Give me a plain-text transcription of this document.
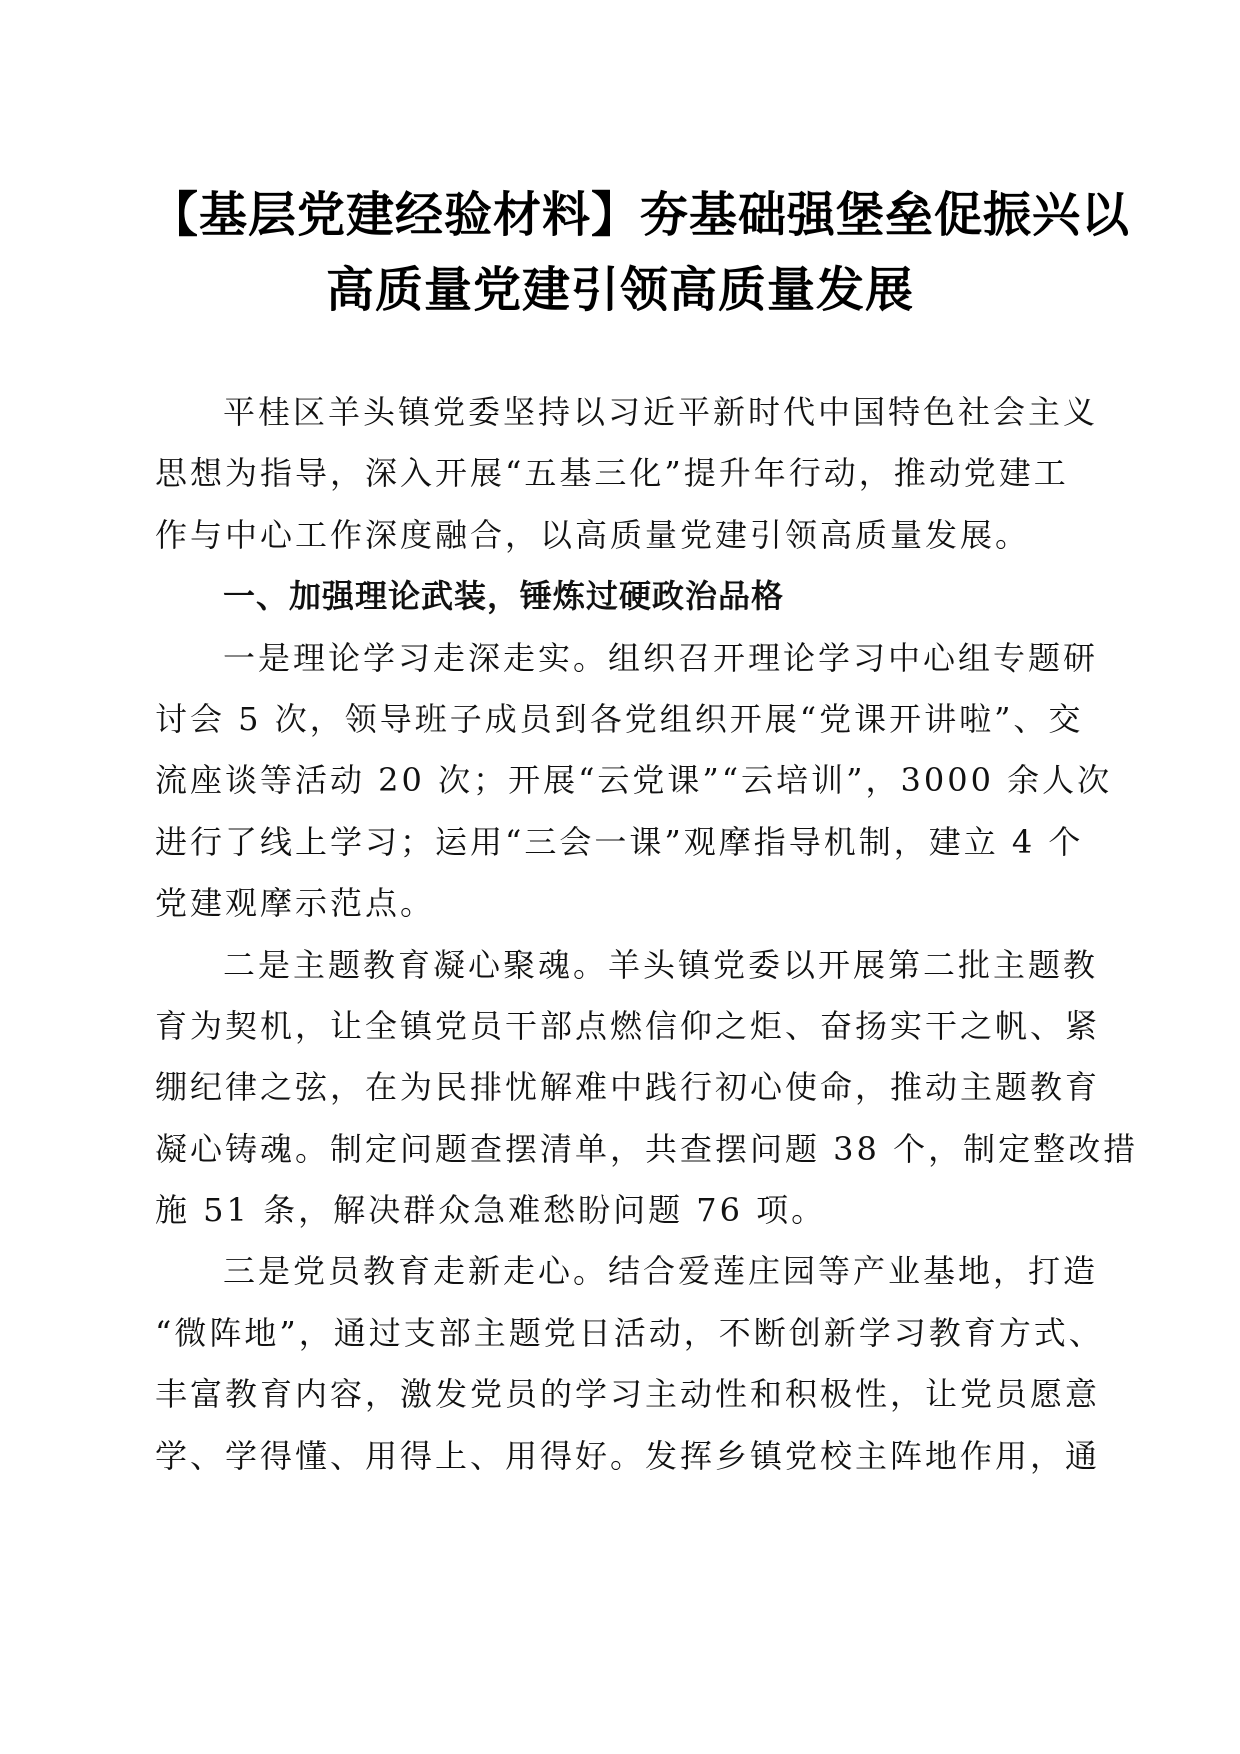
【基层党建经验材料】夯基础强堡垒促振兴以
高质量党建引领高质量发展
平桂区羊头镇党委坚持以习近平新时代中国特色社会主义
思想为指导，深入开展“五基三化”提升年行动，推动党建工
作与中心工作深度融合，以高质量党建引领高质量发展。
一、加强理论武装，锤炼过硬政治品格
一是理论学习走深走实。组织召开理论学习中心组专题研
讨会 5 次，领导班子成员到各党组织开展“党课开讲啦”、交
流座谈等活动 20 次；开展“云党课”“云培训”，3000 余人次
进行了线上学习；运用“三会一课”观摩指导机制，建立 4 个
党建观摩示范点。
二是主题教育凝心聚魂。羊头镇党委以开展第二批主题教
育为契机，让全镇党员干部点燃信仰之炬、奋扬实干之帆、紧
绷纪律之弦，在为民排忧解难中践行初心使命，推动主题教育
凝心铸魂。制定问题查摆清单，共查摆问题 38 个，制定整改措
施 51 条，解决群众急难愁盼问题 76 项。
三是党员教育走新走心。结合爱莲庄园等产业基地，打造
“微阵地”，通过支部主题党日活动，不断创新学习教育方式、
丰富教育内容，激发党员的学习主动性和积极性，让党员愿意
学、学得懂、用得上、用得好。发挥乡镇党校主阵地作用，通
